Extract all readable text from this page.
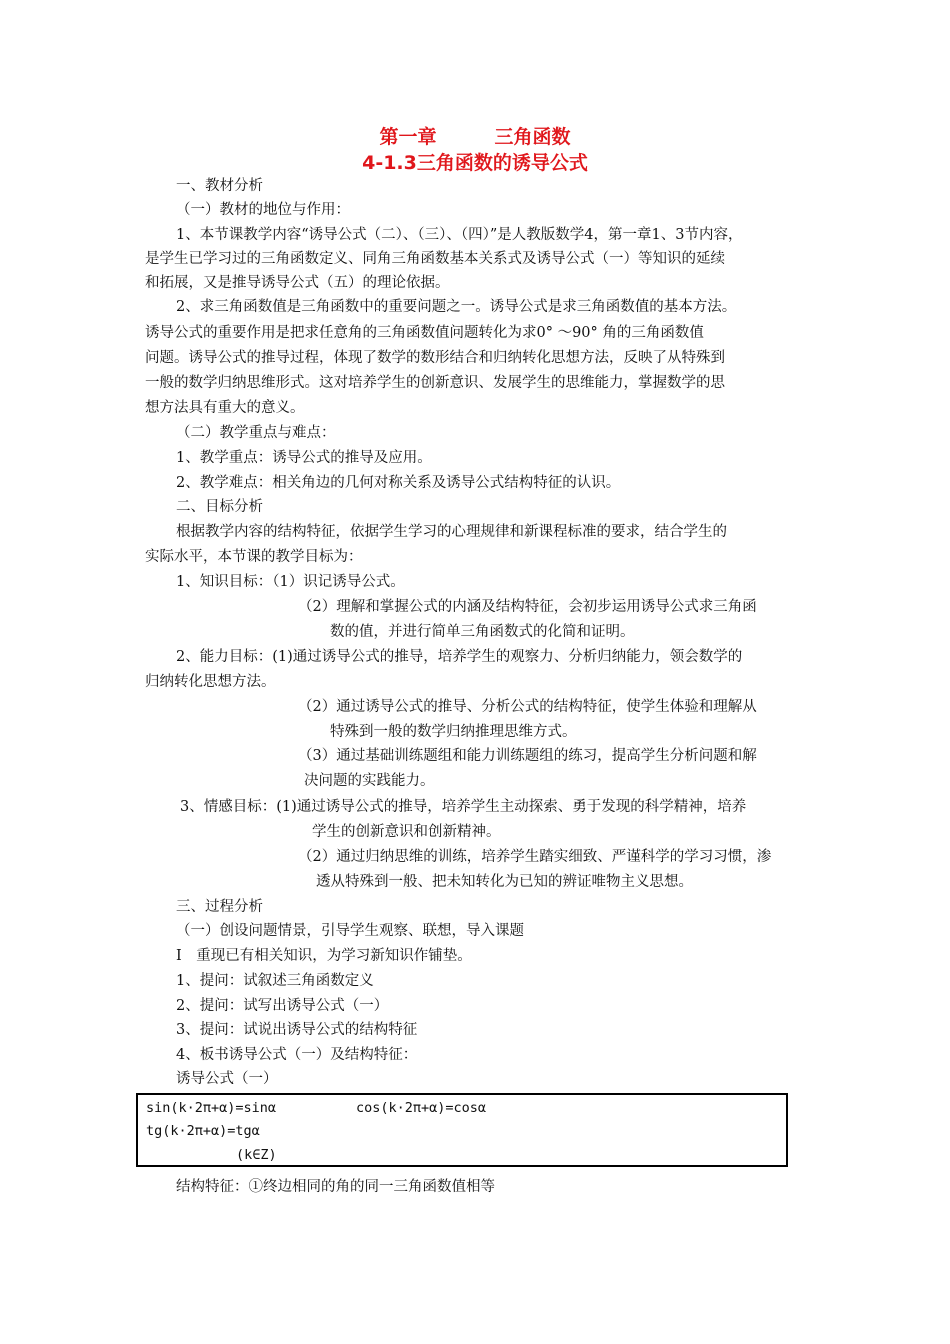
第一章	三角函数
4-1.3三角函数的诱导公式
一、教材分析
（一）教材的地位与作用：
1、本节课教学内容“诱导公式（二）、（三）、（四）”是人教版数学4，第一章1、3节内容，
是学生已学习过的三角函数定义、同角三角函数基本关系式及诱导公式（一）等知识的延续
和拓展，又是推导诱导公式（五）的理论依据。
2、求三角函数值是三角函数中的重要问题之一。诱导公式是求三角函数值的基本方法。
诱导公式的重要作用是把求任意角的三角函数值问题转化为求0° ～90° 角的三角函数值
问题。诱导公式的推导过程，体现了数学的数形结合和归纳转化思想方法，反映了从特殊到
一般的数学归纳思维形式。这对培养学生的创新意识、发展学生的思维能力，掌握数学的思
想方法具有重大的意义。
（二）教学重点与难点：
1、教学重点：诱导公式的推导及应用。
2、教学难点：相关角边的几何对称关系及诱导公式结构特征的认识。
二、目标分析
根据教学内容的结构特征，依据学生学习的心理规律和新课程标准的要求，结合学生的
实际水平，本节课的教学目标为：
1、知识目标：（1）识记诱导公式。
（2）理解和掌握公式的内涵及结构特征，会初步运用诱导公式求三角函
数的值，并进行简单三角函数式的化简和证明。
2、能力目标：(1)通过诱导公式的推导，培养学生的观察力、分析归纳能力，领会数学的
归纳转化思想方法。
（2）通过诱导公式的推导、分析公式的结构特征，使学生体验和理解从
特殊到一般的数学归纳推理思维方式。
（3）通过基础训练题组和能力训练题组的练习，提高学生分析问题和解
决问题的实践能力。
3、情感目标：(1)通过诱导公式的推导，培养学生主动探索、勇于发现的科学精神，培养
学生的创新意识和创新精神。
（2）通过归纳思维的训练，培养学生踏实细致、严谨科学的学习习惯，渗
透从特殊到一般、把未知转化为已知的辨证唯物主义思想。
三、过程分析
（一）创设问题情景，引导学生观察、联想，导入课题
Ⅰ　重现已有相关知识，为学习新知识作铺垫。
1、提问：试叙述三角函数定义
2、提问：试写出诱导公式（一）
3、提问：试说出诱导公式的结构特征
4、板书诱导公式（一）及结构特征：
诱导公式（一）
sin(k·2π+α)=sinα	cos(k·2π+α)=cosα
tg(k·2π+α)=tgα
(k∈Z)
结构特征：①终边相同的角的同一三角函数值相等
